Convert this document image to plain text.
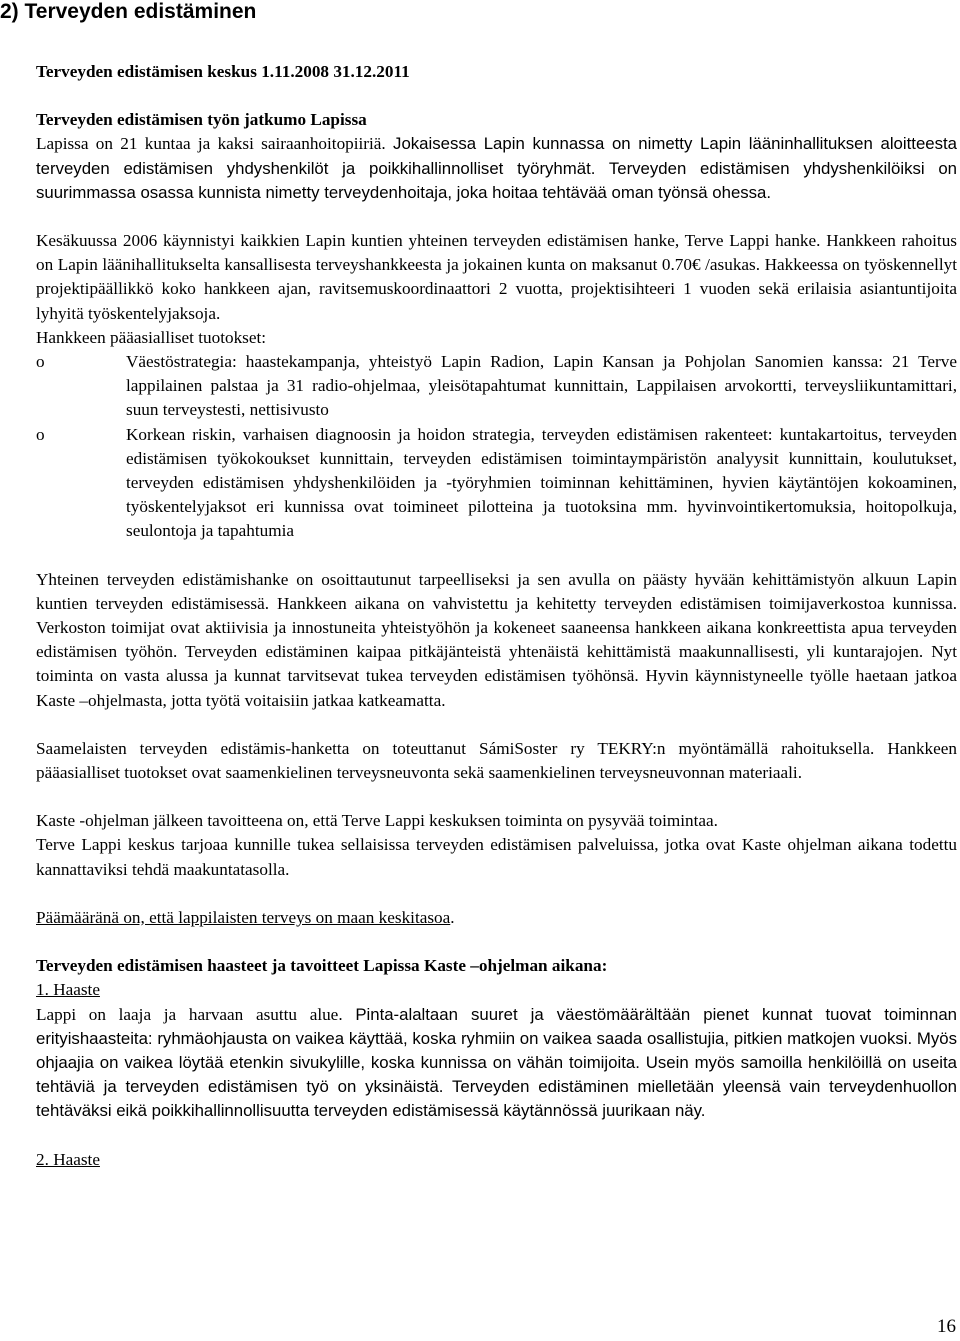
2) Terveyden edistäminen

Terveyden edistämisen keskus 1.11.2008 31.12.2011

Terveyden edistämisen työn jatkumo Lapissa

Lapissa on 21 kuntaa ja kaksi sairaanhoitopiiriä. Jokaisessa Lapin kunnassa on nimetty Lapin lääninhallituksen aloitteesta terveyden edistämisen yhdyshenkilöt ja poikkihallinnolliset työryhmät. Terveyden edistämisen yhdyshenkilöiksi on suurimmassa osassa kunnista nimetty terveydenhoitaja, joka hoitaa tehtävää oman työnsä ohessa.

Kesäkuussa 2006 käynnistyi kaikkien Lapin kuntien yhteinen terveyden edistämisen hanke, Terve Lappi hanke. Hankkeen rahoitus on Lapin läänihallitukselta kansallisesta terveyshankkeesta ja jokainen kunta on maksanut 0.70€ /asukas. Hakkeessa on työskennellyt projektipäällikkö koko hankkeen ajan, ravitsemuskoordinaattori 2 vuotta, projektisihteeri 1 vuoden sekä erilaisia asiantuntijoita lyhyitä työskentelyjaksoja.

Hankkeen pääasialliset tuotokset:

o	Väestöstrategia: haastekampanja, yhteistyö Lapin Radion, Lapin Kansan ja Pohjolan Sanomien kanssa: 21 Terve lappilainen palstaa ja 31 radio-ohjelmaa, yleisötapahtumat kunnittain, Lappilaisen arvokortti, terveysliikuntamittari, suun terveystesti, nettisivusto
o	Korkean riskin, varhaisen diagnoosin ja hoidon strategia, terveyden edistämisen rakenteet: kuntakartoitus, terveyden edistämisen työkokoukset kunnittain, terveyden edistämisen toimintaympäristön analyysit kunnittain, koulutukset, terveyden edistämisen yhdyshenkilöiden ja -työryhmien toiminnan kehittäminen, hyvien käytäntöjen kokoaminen, työskentelyjaksot eri kunnissa ovat toimineet pilotteina ja tuotoksina mm. hyvinvointikertomuksia, hoitopolkuja, seulontoja ja tapahtumia

Yhteinen terveyden edistämishanke on osoittautunut tarpeelliseksi ja sen avulla on päästy hyvään kehittämistyön alkuun Lapin kuntien terveyden edistämisessä. Hankkeen aikana on vahvistettu ja kehitetty terveyden edistämisen toimijaverkostoa kunnissa. Verkoston toimijat ovat aktiivisia ja innostuneita yhteistyöhön ja kokeneet saaneensa hankkeen aikana konkreettista apua terveyden edistämisen työhön. Terveyden edistäminen kaipaa pitkäjänteistä yhtenäistä kehittämistä maakunnallisesti, yli kuntarajojen. Nyt toiminta on vasta alussa ja kunnat tarvitsevat tukea terveyden edistämisen työhönsä. Hyvin käynnistyneelle työlle haetaan jatkoa Kaste –ohjelmasta, jotta työtä voitaisiin jatkaa katkeamatta.

Saamelaisten terveyden edistämis-hanketta on toteuttanut SámiSoster ry TEKRY:n myöntämällä rahoituksella. Hankkeen pääasialliset tuotokset ovat saamenkielinen terveysneuvonta sekä saamenkielinen terveysneuvonnan materiaali.

Kaste -ohjelman jälkeen tavoitteena on, että Terve Lappi keskuksen toiminta on pysyvää toimintaa.

Terve Lappi keskus tarjoaa kunnille tukea sellaisissa terveyden edistämisen palveluissa, jotka ovat Kaste ohjelman aikana todettu kannattaviksi tehdä maakuntatasolla.

Päämääränä on, että lappilaisten terveys on maan keskitasoa.

Terveyden edistämisen haasteet ja tavoitteet Lapissa Kaste –ohjelman aikana:

1. Haaste

Lappi on laaja ja harvaan asuttu alue. Pinta-alaltaan suuret ja väestömäärältään pienet kunnat tuovat toiminnan erityishaasteita: ryhmäohjausta on vaikea käyttää, koska ryhmiin on vaikea saada osallistujia, pitkien matkojen vuoksi. Myös ohjaajia on vaikea löytää etenkin sivukylille, koska kunnissa on vähän toimijoita. Usein myös samoilla henkilöillä on useita tehtäviä ja terveyden edistämisen työ on yksinäistä. Terveyden edistäminen mielletään yleensä vain terveydenhuollon tehtäväksi eikä poikkihallinnollisuutta terveyden edistämisessä käytännössä juurikaan näy.

2. Haaste

16
